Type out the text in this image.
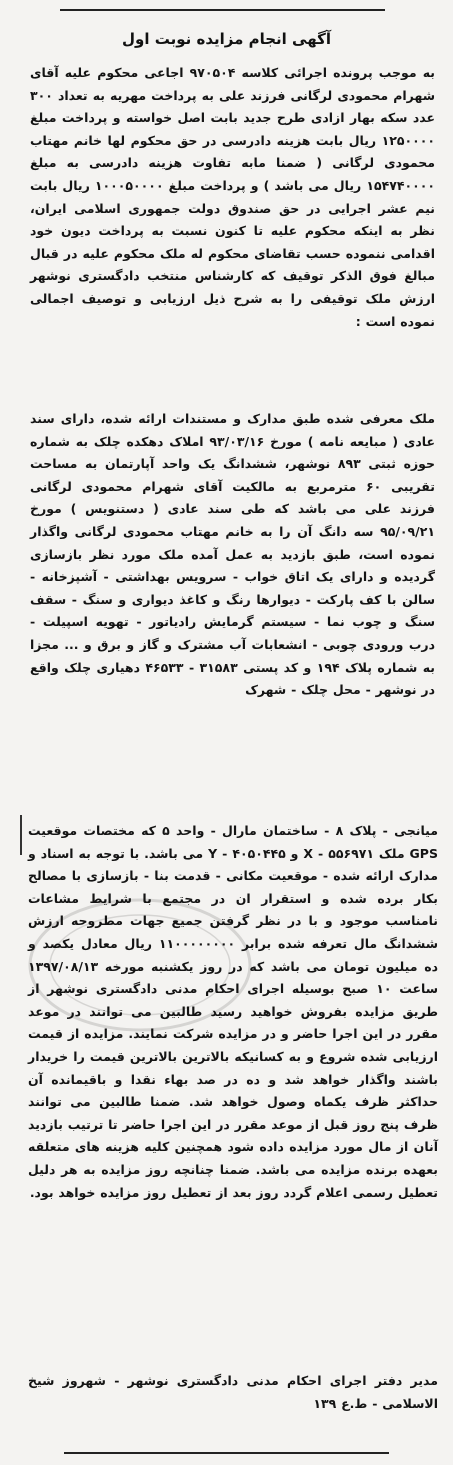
آگهی انجام مزایده نوبت اول

به موجب پرونده اجرائی کلاسه ۹۷۰۵۰۴ اجاعی محکوم علیه آقای شهرام محمودی لرگانی فرزند علی به پرداخت مهریه به تعداد ۳۰۰ عدد سکه بهار ازادی طرح جدید بابت اصل خواسته و پرداخت مبلغ ۱۲۵۰۰۰۰ ریال بابت هزینه دادرسی در حق محکوم لها خانم مهتاب محمودی لرگانی ( ضمنا مابه تفاوت هزینه دادرسی به مبلغ ۱۵۴۷۴۰۰۰۰ ریال می باشد ) و پرداخت مبلغ ۱۰۰۰۵۰۰۰۰ ریال بابت نیم عشر اجرایی در حق صندوق دولت جمهوری اسلامی ایران، نظر به اینکه محکوم علیه تا کنون نسبت به پرداخت دیون خود اقدامی ننموده حسب تقاضای محکوم له ملک محکوم علیه در قبال مبالغ فوق الذکر توقیف که کارشناس منتخب دادگستری نوشهر ارزش ملک توقیفی را به شرح ذیل ارزیابی و توصیف اجمالی نموده است :

ملک معرفی شده طبق مدارک و مستندات ارائه شده، دارای سند عادی ( مبایعه نامه ) مورخ ۹۳/۰۳/۱۶ املاک دهکده چلک به شماره حوزه ثبتی ۸۹۳ نوشهر، ششدانگ یک واحد آپارتمان به مساحت تقریبی ۶۰ مترمربع به مالکیت آقای شهرام محمودی لرگانی فرزند علی می باشد که طی سند عادی ( دستنویس ) مورخ ۹۵/۰۹/۲۱ سه دانگ آن را به خانم مهتاب محمودی لرگانی واگذار نموده است، طبق بازدید به عمل آمده ملک مورد نظر بازسازی گردیده و دارای یک اتاق خواب - سرویس بهداشتی - آشپزخانه - سالن با کف پارکت - دیوارها رنگ و کاغذ دیواری و سنگ - سقف سنگ و چوب نما - سیستم گرمایش رادیاتور - تهویه اسپیلت - درب ورودی چوبی - انشعابات آب مشترک و گاز و برق و ... مجزا به شماره پلاک ۱۹۴ و کد پستی ۳۱۵۸۳ - ۴۶۵۳۳ دهیاری چلک واقع در نوشهر - محل چلک - شهرک

میانجی - پلاک ۸ - ساختمان مارال - واحد ۵ که مختصات موقعیت GPS ملک ۵۵۶۹۷۱ - X و ۴۰۵۰۴۴۵ - Y می باشد. با توجه به اسناد و مدارک ارائه شده - موقعیت مکانی - قدمت بنا - بازسازی با مصالح بکار برده شده و استقرار ان در مجتمع با شرایط مشاعات نامناسب موجود و با در نظر گرفتن جمیع جهات مطروحه ارزش ششدانگ مال تعرفه شده برابر ۱۱۰۰۰۰۰۰۰۰ ریال معادل یکصد و ده میلیون تومان می باشد که در روز یکشنبه مورخه ۱۳۹۷/۰۸/۱۳ ساعت ۱۰ صبح بوسیله اجرای احکام مدنی دادگستری نوشهر از طریق مزایده بفروش خواهید رسید طالبین می توانند در موعد مقرر در این اجرا حاضر و در مزایده شرکت نمایند. مزایده از قیمت ارزیابی شده شروع و به کسانیکه بالاترین بالاترین قیمت را خریدار باشند واگذار خواهد شد و ده در صد بهاء نقدا و باقیمانده آن حداکثر ظرف یکماه وصول خواهد شد. ضمنا طالبین می توانند ظرف پنج روز قبل از موعد مقرر در این اجرا حاضر تا ترتیب بازدید آنان از مال مورد مزایده داده شود همچنین کلیه هزینه های متعلقه بعهده برنده مزایده می باشد. ضمنا چنانچه روز مزایده به هر دلیل تعطیل رسمی اعلام گردد روز بعد از تعطیل روز مزایده خواهد بود.

مدیر دفتر اجرای احکام مدنی دادگستری نوشهر - شهروز شیخ الاسلامی - ط.ع ۱۳۹
